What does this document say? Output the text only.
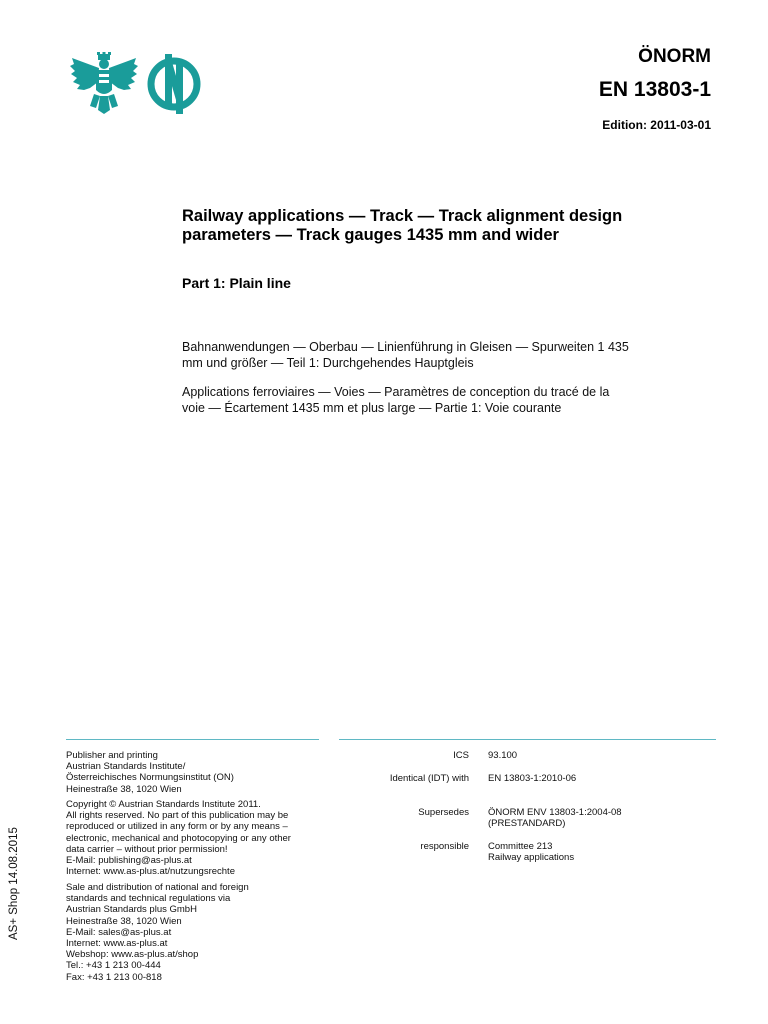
ÖNORM
EN 13803-1
Edition: 2011-03-01
Railway applications — Track — Track alignment design parameters — Track gauges 1435 mm and wider
Part 1: Plain line
Bahnanwendungen — Oberbau — Linienführung in Gleisen — Spurweiten 1 435 mm und größer — Teil 1: Durchgehendes Hauptgleis
Applications ferroviaires — Voies — Paramètres de conception du tracé de la voie — Écartement 1435 mm et plus large — Partie 1: Voie courante
Publisher and printing
Austrian Standards Institute/
Österreichisches Normungsinstitut (ON)
Heinestraße 38, 1020 Wien
Copyright © Austrian Standards Institute 2011.
All rights reserved. No part of this publication may be
reproduced or utilized in any form or by any means –
electronic, mechanical and photocopying or any other
data carrier – without prior permission!
E-Mail: publishing@as-plus.at
Internet: www.as-plus.at/nutzungsrechte
Sale and distribution of national and foreign
standards and technical regulations via
Austrian Standards plus GmbH
Heinestraße 38, 1020 Wien
E-Mail: sales@as-plus.at
Internet: www.as-plus.at
Webshop: www.as-plus.at/shop
Tel.: +43 1 213 00-444
Fax: +43 1 213 00-818
ICS 93.100
Identical (IDT) with EN 13803-1:2010-06
Supersedes ÖNORM ENV 13803-1:2004-08
(PRESTANDARD)
responsible Committee 213
Railway applications
AS+ Shop 14.08.2015
